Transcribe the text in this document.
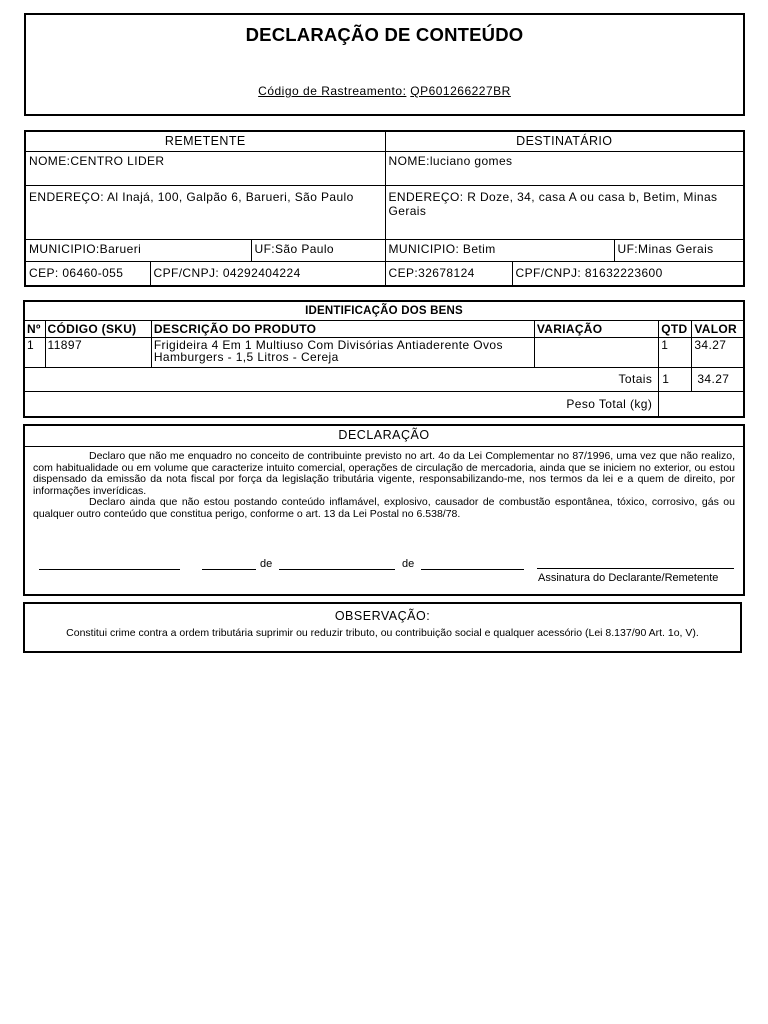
DECLARAÇÃO DE CONTEÚDO
Código de Rastreamento: QP601266227BR
REMETENTE			DESTINATÁRIO		
NOME:CENTRO LIDER			NOME:luciano gomes		
ENDEREÇO: Al Inajá, 100, Galpão 6, Barueri, São Paulo			ENDEREÇO: R Doze, 34, casa A ou casa b, Betim, Minas Gerais		

MUNICIPIO:Barueri		UF:São Paulo	MUNICIPIO: Betim		UF:Minas Gerais
CEP: 06460-055	CPF/CNPJ: 04292404224		CEP:32678124	CPF/CNPJ: 81632223600	
IDENTIFICAÇÃO DOS BENS					
Nº	CÓDIGO (SKU)	DESCRIÇÃO DO PRODUTO	VARIAÇÃO	QTD	VALOR
1	11897	Frigideira 4 Em 1 Multiuso Com Divisórias Antiaderente Ovos Hamburgers - 1,5 Litros - Cereja		1	34.27
Totais				1	34.27
Peso Total (kg)					
DECLARAÇÃO

Declaro que não me enquadro no conceito de contribuinte previsto no art. 4o da Lei Complementar no 87/1996, uma vez que não realizo, com habitualidade ou em volume que caracterize intuito comercial, operações de circulação de mercadoria, ainda que se iniciem no exterior, ou estou dispensado da emissão da nota fiscal por força da legislação tributária vigente, responsabilizando-me, nos termos da lei e a quem de direito, por informações inverídicas.

Declaro ainda que não estou postando conteúdo inflamável, explosivo, causador de combustão espontânea, tóxico, corrosivo, gás ou qualquer outro conteúdo que constitua perigo, conforme o art. 13 da Lei Postal no 6.538/78.

de	de
Assinatura do Declarante/Remetente
OBSERVAÇÃO:
Constitui crime contra a ordem tributária suprimir ou reduzir tributo, ou contribuição social e qualquer acessório (Lei 8.137/90 Art. 1o, V).
